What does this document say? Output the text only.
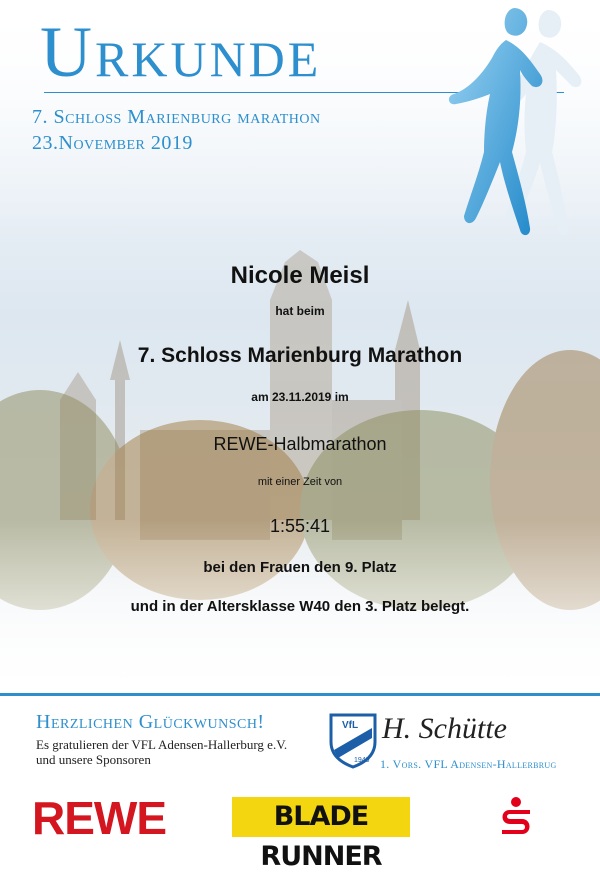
Urkunde
7. Schloss Marienburg marathon
23.November 2019
Nicole Meisl
hat beim
7. Schloss Marienburg Marathon
am 23.11.2019 im
REWE-Halbmarathon
mit einer Zeit von
1:55:41
bei den Frauen den 9. Platz
und in der Altersklasse W40 den 3. Platz belegt.
Herzlichen Glückwunsch!
Es gratulieren der VFL Adensen-Hallerburg e.V.
und unsere Sponsoren
VfL
1949
H. Schütte
1. Vors. VFL Adensen-Hallerbrug
REWE	BLADE RUNNER
